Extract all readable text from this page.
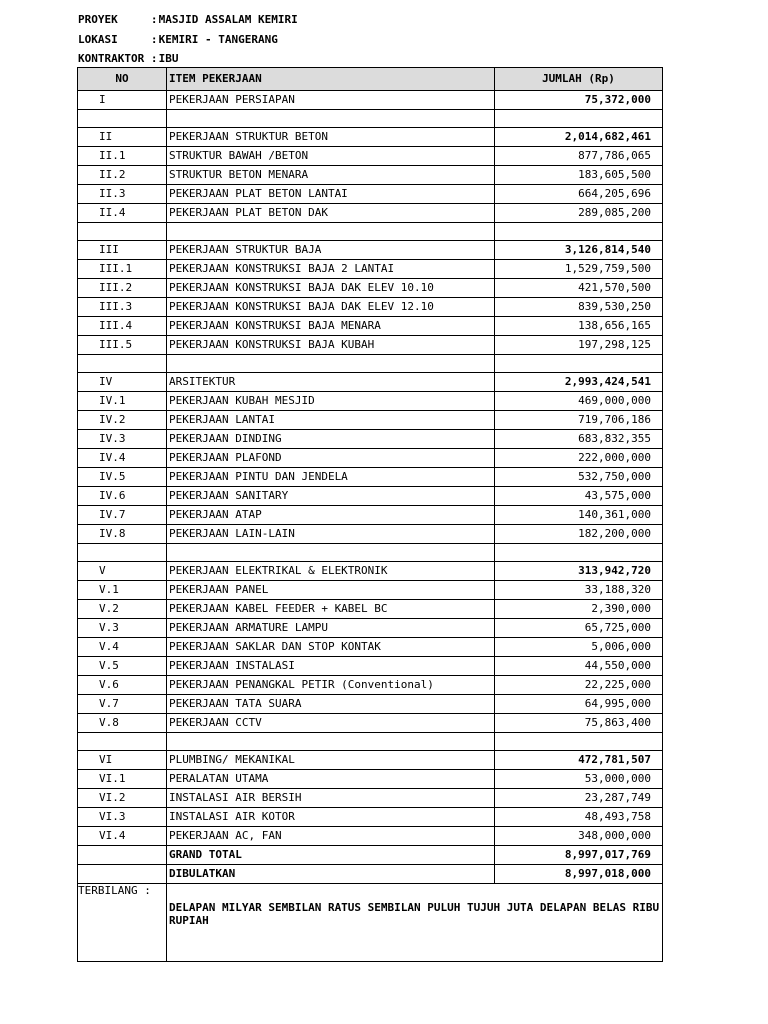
PROYEK     : MASJID ASSALAM KEMIRI
LOKASI     : KEMIRI - TANGERANG
KONTRAKTOR : IBU
NO	ITEM PEKERJAAN	JUMLAH (Rp)
I	PEKERJAAN PERSIAPAN	75,372,000

II	PEKERJAAN STRUKTUR BETON	2,014,682,461
II.1	STRUKTUR BAWAH /BETON	877,786,065
II.2	STRUKTUR BETON MENARA	183,605,500
II.3	PEKERJAAN PLAT BETON LANTAI	664,205,696
II.4	PEKERJAAN PLAT BETON DAK	289,085,200

III	PEKERJAAN STRUKTUR BAJA	3,126,814,540
III.1	PEKERJAAN KONSTRUKSI BAJA 2 LANTAI	1,529,759,500
III.2	PEKERJAAN KONSTRUKSI BAJA DAK ELEV 10.10	421,570,500
III.3	PEKERJAAN KONSTRUKSI BAJA DAK ELEV 12.10	839,530,250
III.4	PEKERJAAN KONSTRUKSI BAJA MENARA	138,656,165
III.5	PEKERJAAN KONSTRUKSI BAJA KUBAH	197,298,125

IV	ARSITEKTUR	2,993,424,541
IV.1	PEKERJAAN KUBAH MESJID	469,000,000
IV.2	PEKERJAAN LANTAI	719,706,186
IV.3	PEKERJAAN DINDING	683,832,355
IV.4	PEKERJAAN PLAFOND	222,000,000
IV.5	PEKERJAAN PINTU DAN JENDELA	532,750,000
IV.6	PEKERJAAN SANITARY	43,575,000
IV.7	PEKERJAAN ATAP	140,361,000
IV.8	PEKERJAAN LAIN-LAIN	182,200,000

V	PEKERJAAN ELEKTRIKAL & ELEKTRONIK	313,942,720
V.1	PEKERJAAN PANEL	33,188,320
V.2	PEKERJAAN KABEL FEEDER + KABEL BC	2,390,000
V.3	PEKERJAAN ARMATURE LAMPU	65,725,000
V.4	PEKERJAAN SAKLAR DAN STOP KONTAK	5,006,000
V.5	PEKERJAAN INSTALASI	44,550,000
V.6	PEKERJAAN PENANGKAL PETIR (Conventional)	22,225,000
V.7	PEKERJAAN TATA SUARA	64,995,000
V.8	PEKERJAAN CCTV	75,863,400

VI	PLUMBING/ MEKANIKAL	472,781,507
VI.1	PERALATAN UTAMA	53,000,000
VI.2	INSTALASI AIR BERSIH	23,287,749
VI.3	INSTALASI AIR KOTOR	48,493,758
VI.4	PEKERJAAN AC, FAN	348,000,000
	GRAND TOTAL	8,997,017,769
	DIBULATKAN	8,997,018,000
TERBILANG :	DELAPAN MILYAR SEMBILAN RATUS SEMBILAN PULUH TUJUH JUTA DELAPAN BELAS RIBU RUPIAH	
